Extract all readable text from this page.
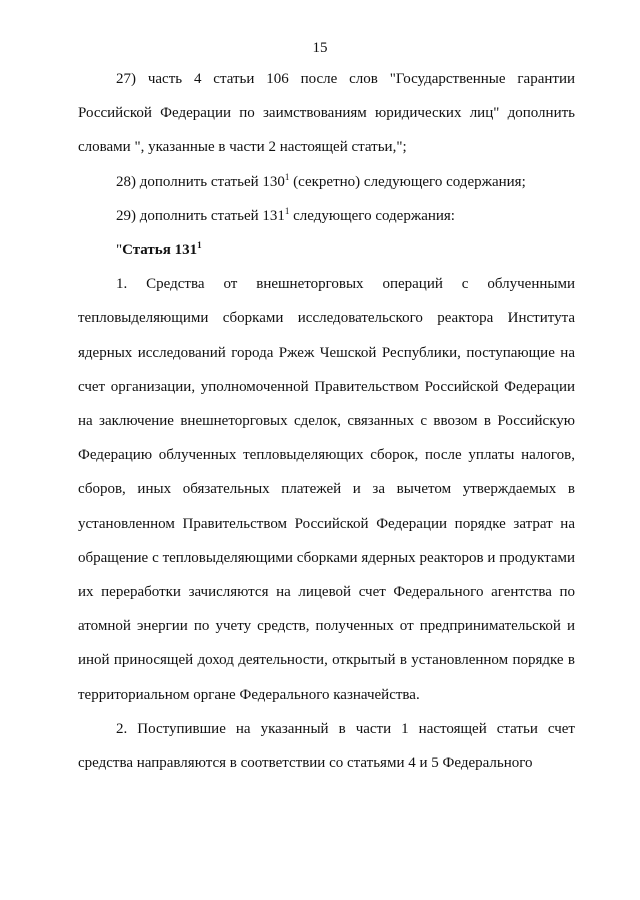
15

27) часть 4 статьи 106 после слов "Государственные гарантии Российской Федерации по заимствованиям юридических лиц" дополнить словами ", указанные в части 2 настоящей статьи,";

28) дополнить статьей $130^1$ (секретно) следующего содержания;

29) дополнить статьей $131^1$ следующего содержания:

"Статья $131^1$

1. Средства от внешнеторговых операций с облученными тепловыделяющими сборками исследовательского реактора Института ядерных исследований города Ржеж Чешской Республики, поступающие на счет организации, уполномоченной Правительством Российской Федерации на заключение внешнеторговых сделок, связанных с ввозом в Российскую Федерацию облученных тепловыделяющих сборок, после уплаты налогов, сборов, иных обязательных платежей и за вычетом утверждаемых в установленном Правительством Российской Федерации порядке затрат на обращение с тепловыделяющими сборками ядерных реакторов и продуктами их переработки зачисляются на лицевой счет Федерального агентства по атомной энергии по учету средств, полученных от предпринимательской и иной приносящей доход деятельности, открытый в установленном порядке в территориальном органе Федерального казначейства.

2. Поступившие на указанный в части 1 настоящей статьи счет средства направляются в соответствии со статьями 4 и 5 Федерального
